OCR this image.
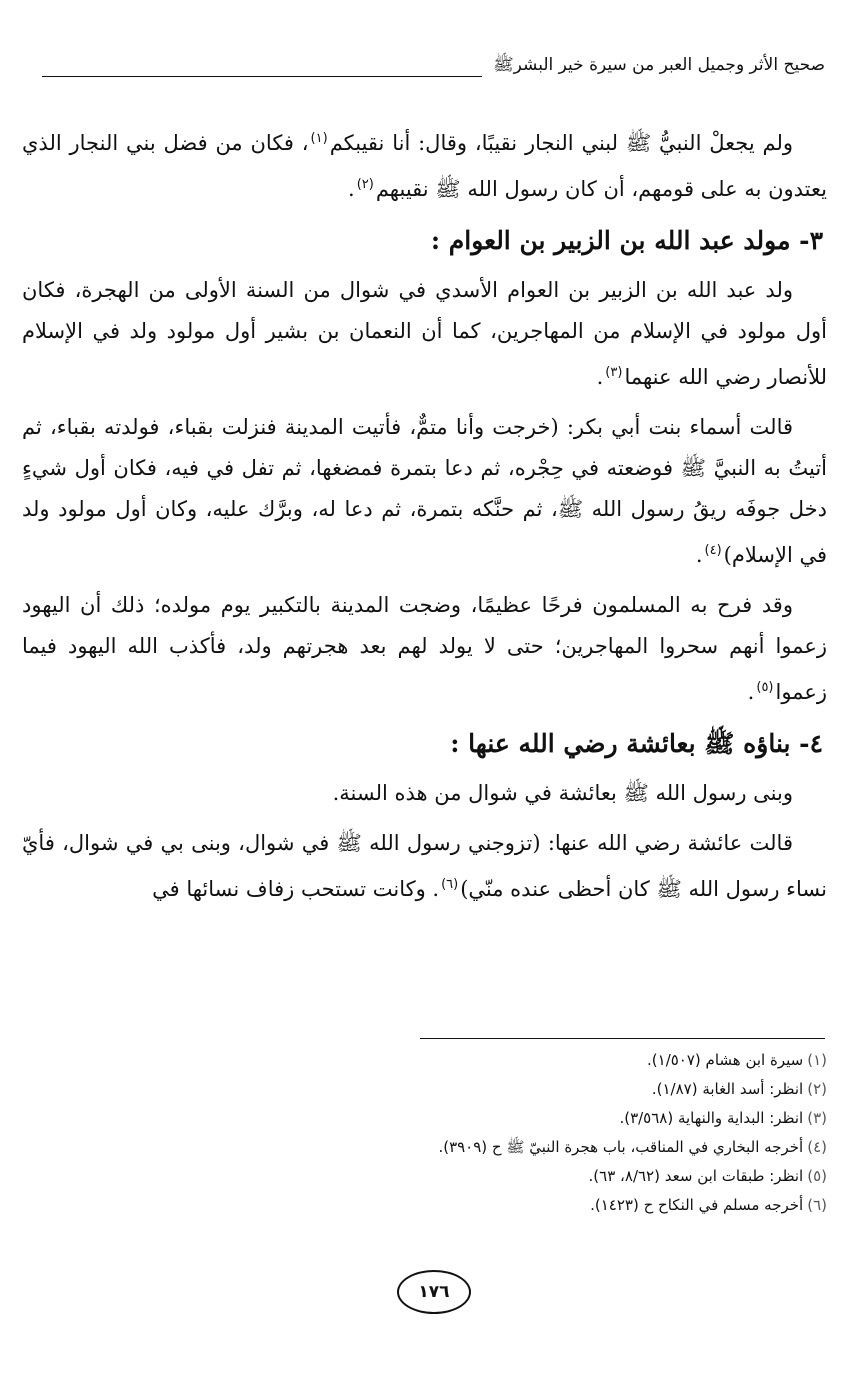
صحيح الأثر وجميل العبر من سيرة خير البشرﷺ

ولم يجعلْ النبيُّ ﷺ لبني النجار نقيبًا، وقال: أنا نقيبكم$^{(١)}$، فكان من فضل بني النجار الذي يعتدون به على قومهم، أن كان رسول الله ﷺ نقيبهم$^{(٢)}$.

٣- مولد عبد الله بن الزبير بن العوام :

ولد عبد الله بن الزبير بن العوام الأسدي في شوال من السنة الأولى من الهجرة، فكان أول مولود في الإسلام من المهاجرين، كما أن النعمان بن بشير أول مولود ولد في الإسلام للأنصار رضي الله عنهما$^{(٣)}$.

قالت أسماء بنت أبي بكر: (خرجت وأنا متمٌّ، فأتيت المدينة فنزلت بقباء، فولدته بقباء، ثم أتيتُ به النبيَّ ﷺ فوضعته في حِجْره، ثم دعا بتمرة فمضغها، ثم تفل في فيه، فكان أول شيءٍ دخل جوفَه ريقُ رسول الله ﷺ، ثم حنَّكه بتمرة، ثم دعا له، وبرَّك عليه، وكان أول مولود ولد في الإسلام)$^{(٤)}$.

وقد فرح به المسلمون فرحًا عظيمًا، وضجت المدينة بالتكبير يوم مولده؛ ذلك أن اليهود زعموا أنهم سحروا المهاجرين؛ حتى لا يولد لهم بعد هجرتهم ولد، فأكذب الله اليهود فيما زعموا$^{(٥)}$.

٤- بناؤه ﷺ بعائشة رضي الله عنها :

وبنى رسول الله ﷺ بعائشة في شوال من هذه السنة.

قالت عائشة رضي الله عنها: (تزوجني رسول الله ﷺ في شوال، وبنى بي في شوال، فأيّ نساء رسول الله ﷺ كان أحظى عنده منّي)$^{(٦)}$. وكانت تستحب زفاف نسائها في

(١)سيرة ابن هشام (١/٥٠٧).

(٢)انظر: أسد الغابة (١/٨٧).

(٣)انظر: البداية والنهاية (٣/٥٦٨).

(٤)أخرجه البخاري في المناقب، باب هجرة النبيّ ﷺ ح (٣٩٠٩).

(٥)انظر: طبقات ابن سعد (٨/٦٢، ٦٣).

(٦)أخرجه مسلم في النكاح ح (١٤٢٣).

١٧٦
